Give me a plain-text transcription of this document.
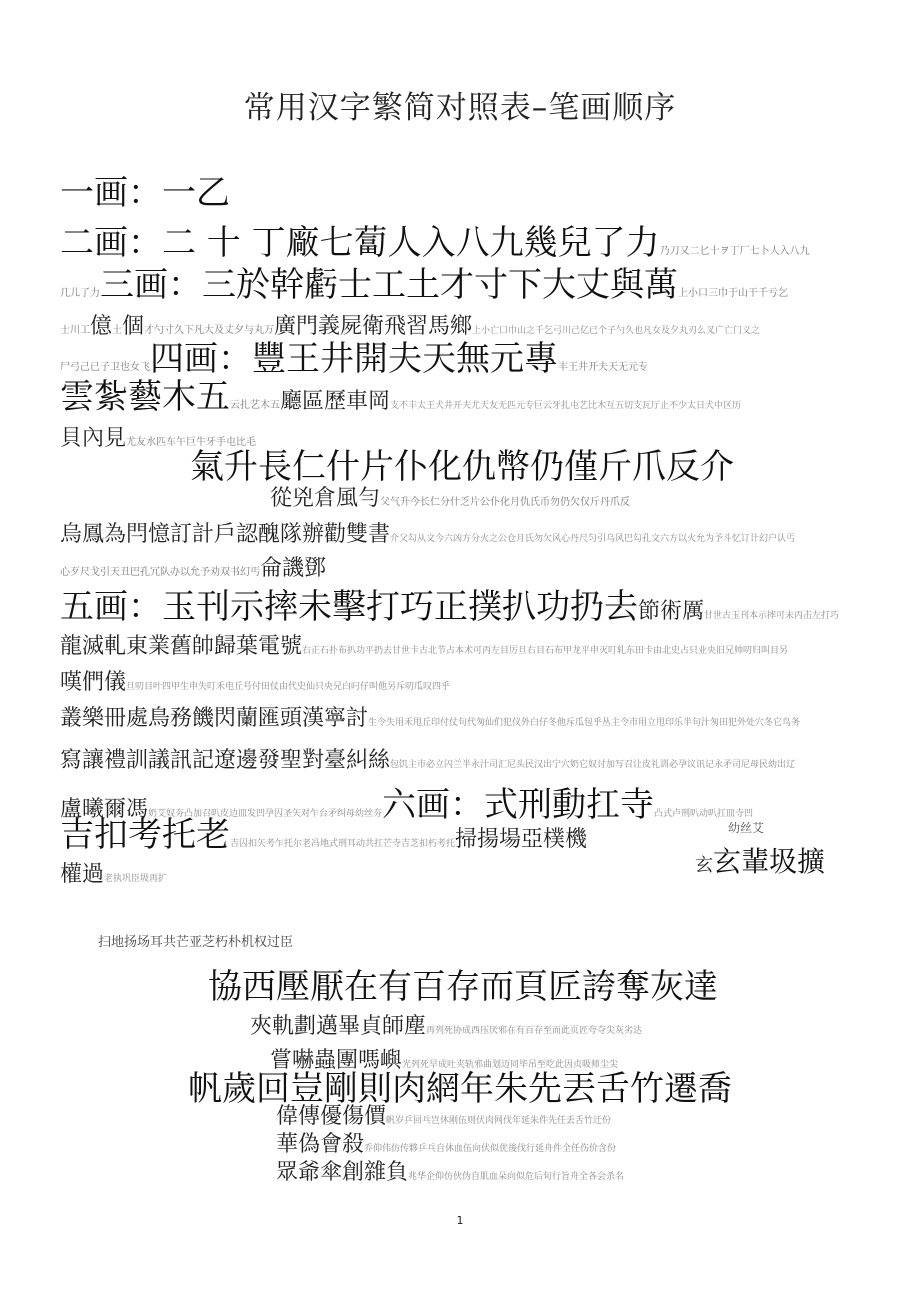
常用汉字繁简对照表–笔画顺序
一画：一乙
二画：二 十 丁廠七蔔人入八九幾兒了力乃刀又二匕十ヲ丁厂七卜人入八九
几儿了力三画：三於幹虧士工土才寸下大丈與萬上小口三巾于山干千亏乞
士川工億土個才勺寸久下凡大及丈夕与丸万廣門義屍衛飛習馬鄉上小亡口巾山之千乞弓川己亿已个子勺久也凡女及夕丸刃么叉广亡门义之
尸弓己已子卫也女飞四画：豐王井開夫天無元專丰王井开夫天无元专
雲紮藝木五云扎艺木五廳區歷車岡支不丰太王犬井开夫尤天友无匹元专巨云牙扎屯艺比木互五切支瓦厅止不少太日犬中区历
貝內見尤友水匹车午巨牛牙手屯比毛
氣升長仁什片仆化仇幣仍僅斤爪反介
從兇倉風勻父气升今长仁分什乏片公仆化月仇氏币勿仍欠仅斤丹爪反
烏鳳為閂憶訂計戶認醜隊辦勸雙書介父勾从文今六凶方分火之公仓月氏勿欠风心丹尺匀引乌风巴勾孔文六方以火允为予斗忆订计幻户认丐
心歹尺戈引天丑巴孔冗队办以允予劝双书幻丐侖譏鄧
五画：玉刊示摔未擊打巧正撲扒功扔去節術厲甘世古玉刊本示摔可未丙击左打巧
龍滅軋東業舊帥歸葉電號右正石扑布扒功平扔去甘世卡古北节占本术可丙左目厉旦右目石布甲龙平申灭叮轧东田卡由北史占只业央旧兄帅叨归叫目另
嘆們儀旦叨目叶四甲生申失叮禾电丘号付田仗由代史仙只央兄白叼仔叫他另斥叨瓜叹四乎
叢樂冊處鳥務饑閃蘭匯頭漢寧討生令失用禾甩丘印付仗句代匆仙们犯仪外白仔冬他斥瓜包乎丛主令市用立甩印乐半句汁匆田犯外处穴冬它鸟务
寫讓禮訓議訊記遼邊發聖對臺糾絲包饥主市必立闪兰半永汁司汇尼头民汉出宁穴奶它奴讨加写召让皮礼训必孕议讯记永矛司尼母民幼出辽
盧曦爾馮奶艾奴夯凸加召叭皮边皿发凹孕囚圣矢对乍台矛纠母幼丝夯六画：式刑動扛寺凸式卢刑叭动叭扛皿寺凹
吉扣考托老吉囚扣矢考乍托尔老冯地式刑耳动共扛芒寺吉芝扣朽考托掃揚場亞樸機	幼丝艾
玄玄輩圾擴
權過老执巩臣圾再扩
扫地扬场耳共芒亚芝朽朴机权过臣
協西壓厭在有百存而頁匠誇奪灰達
夾軌劃邁畢貞師塵再列死协成西压厌邪在有百存至而此页匠夸夺尖灰劣达
嘗嚇蟲團嗎嶼光列死早成吐夹轨邪曲划迈同毕吊至吃此因贞吸师尘尖
帆歲回豈剛則肉網年朱先丟舌竹遷喬
偉傳優傷價帆岁乒回乓岂休刚伍则伏肉网伐年延朱件先任丢舌竹迁份
華偽會殺乔仰伟仿传夥乒乓自休血伍向伏似优後伐行延舟件全任伤价含份
眾爺傘創雜負兆华企仰仿伙伪自肌血朵向似危后旬行旨舟全各会杀名
1
